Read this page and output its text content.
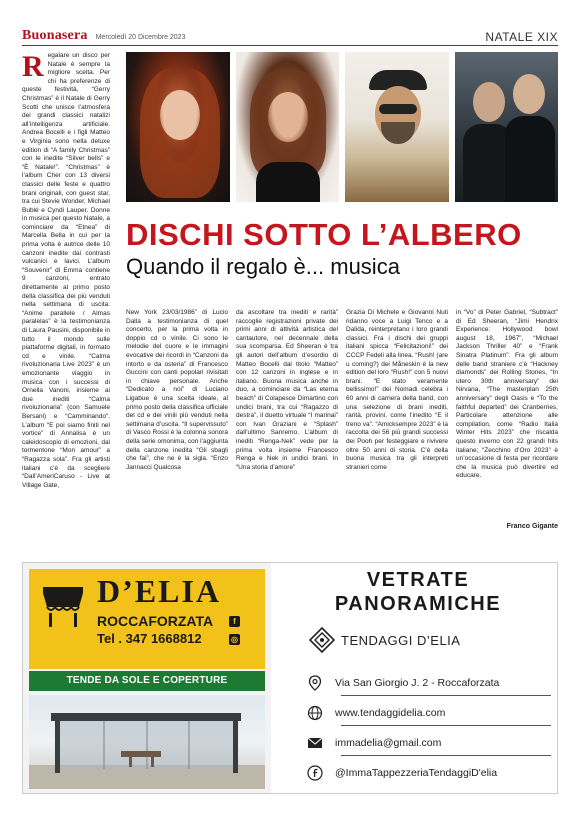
Buonasera Mercoledì 20 Dicembre 2023	NATALE XIX
R egalare un disco per Natale è sempre la migliore scelta. Per chi ha preferenze di queste festività, “Gerry Christmas” è il Natale di Gerry Scotti che unisce l’atmosfera dei grandi classici natalizi all’intelligenza artificiale. Andrea Bocelli e i figli Matteo e Virginia sono nella deluxe edition di “A family Christmas” con le inedite “Silver bells” e “È Natale!”. “Christmas” è l’album Cher con 13 diversi classici delle feste e quattro brani originali, con guest star, tra cui Stevie Wonder, Michael Bublé e Cyndi Lauper. Donne in musica per questo Natale, a cominciare da “Etnea” di Marcella Bella in cui per la prima volta è autrice delle 10 canzoni inedite dai contrasti vulcanici e lavici. L’album “Souvenir” di Emma contiene 9 canzoni, entrato direttamente al primo posto della classifica dei più venduti nella settimana di uscita. “Anime parallele / Almas paralelas” è la testimonianza di Laura Pausini, disponibile in tutto il mondo sulle piattaforme digitali, in formato cd e vinile. “Calma rivoluzionaria Live 2023” è un emozionante viaggio in musica con i successi di Ornella Vanoni, insieme ai due inediti “Calma rivoluzionaria” (con Samuele Bersani) e “Camminando”. L’album “E poi siamo finiti nel vortice” di Annalisa è un caleidoscopio di emozioni, dal tormentone “Mon amour” a “Ragazza sola”. Fra gli artisti italiani c’è da scegliere “Dall’AmeriCaruso - Live at Village Gate,
DISCHI SOTTO L’ALBERO
Quando il regalo è... musica
New York 23/03/1986” di Lucio Dalla a testimonianza di quel concerto, per la prima volta in doppio cd o vinile. Ci sono le melodie del cuore e le immagini evocative dei ricordi in “Canzoni da intorto e da osteria” di Francesco Guccini con canti popolari rivisitati in chiave personale. Anche “Dedicato a noi” di Luciano Ligabue è una scelta ideale, al primo posto della classifica ufficiale del cd e dei vinili più venduti nella settimana d’uscita. “Il supervissuto” di Vasco Rossi è la colonna sonora della serie omonima, con l’aggiunta della canzone inedita “Gli sbagli che fai”, che ne è la sigla. “Enzo Jannacci Qualcosa
da ascoltare tra inediti e rarità” raccoglie registrazioni private dei primi anni di attività artistica del cantautore, nel decennale della sua scomparsa. Ed Sheeran è tra gli autori dell’album d’esordio di Matteo Bocelli dal titolo “Matteo” con 12 canzoni in inglese e in italiano. Buona musica anche in duo, a cominciare da “Las eterna beach” di Colapesce Dimartino con undici brani, tra cui “Ragazzo di destra”, il duetto virtuale “I marinai” con Ivan Graziani e “Splash” dall’ultimo Sanremo. L’album di inediti “Renga-Nek” vede per la prima volta insieme Francesco Renga e Nek in undici brani. In “Una storia d’amore”
Grazia Di Michele e Giovanni Nuti ridanno voce a Luigi Tenco e a Dalida, reinterpretano i loro grandi classici. Fra i dischi dei gruppi italiani spicca “Felicitazioni!” dei CCCP Fedeli alla linea. “Rush! (are u coming?) dei Måneskin è la new edition del loro “Rush!” con 5 nuovi brani. “E stato veramente bellissimo!” dei Nomadi celebra i 60 anni di carriera della band, con una selezione di brani inediti, rarità, provini, come l’inedito “E il treno va”. “Amicksempre 2023” è la raccolta dei 56 più grandi successi dei Pooh per festeggiare e rivivere oltre 50 anni di storia. C’è della buona musica tra gli interpreti stranieri come
in “Vo” di Peter Gabriel, “Subtract” di Ed Sheeran, “Jimi Hendrix Experience: Hollywood bowl august 18, 1967”, “Michael Jackson Thriller 40” e “Frank Sinatra Platinum”. Fra gli album delle band straniere c’è “Hackney diamonds” dei Rolling Stones, “In utero 30th anniversary” dei Nirvana, “The masterplan 25th anniversary” degli Oasis e “To the faithful departed” dei Cranberries. Particolare attenzione alle compilation, come “Radio Italia Winter Hits 2023” che riscalda questo inverno con 22 grandi hits italiane; “Zecchino d’Oro 2023” è un’occasione di festa per ricordare che la musica può divertire ed educare.
Franco Gigante
D’ELIA
ROCCAFORZATA	f
Tel . 347 1668812	◎
TENDE DA SOLE E COPERTURE
VETRATE
PANORAMICHE
TENDAGGI D’ELIA
Via San Giorgio J. 2 - Roccaforzata
www.tendaggidelia.com
immadelia@gmail.com
@ImmaTappezzeriaTendaggiD'elia
